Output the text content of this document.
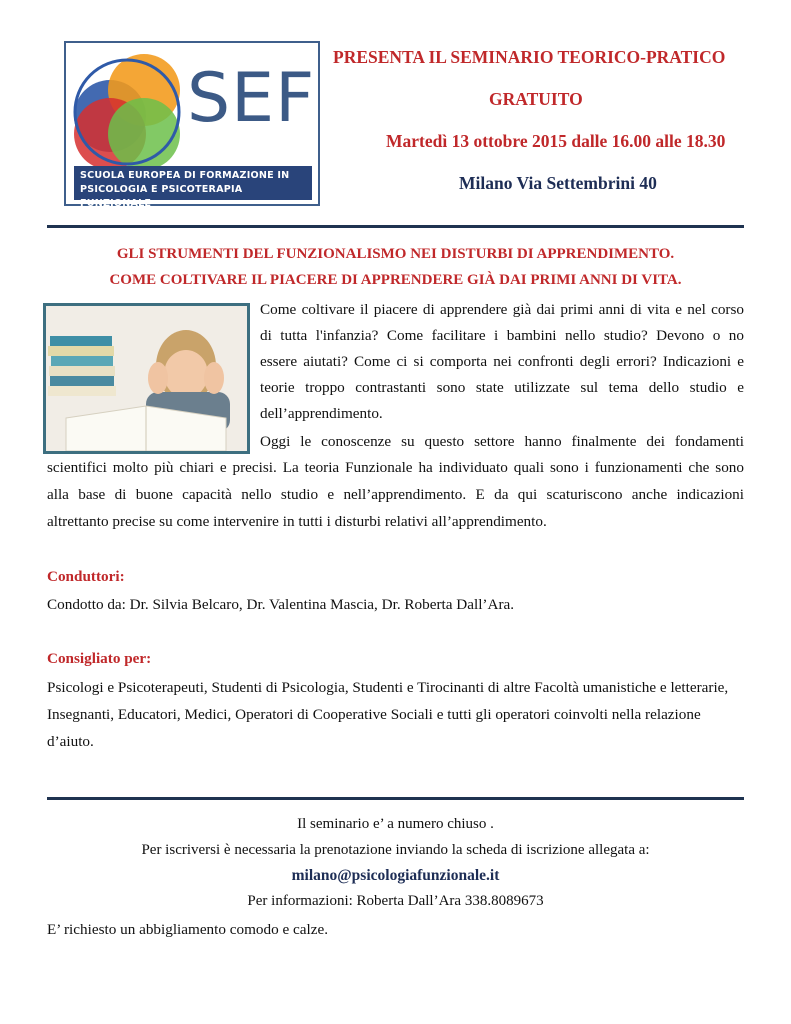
SEF
SCUOLA EUROPEA DI FORMAZIONE IN
PSICOLOGIA E PSICOTERAPIA FUNZIONALE
PRESENTA IL SEMINARIO TEORICO-PRATICO
GRATUITO
Martedì 13 ottobre 2015 dalle 16.00 alle 18.30
Milano Via Settembrini 40
GLI STRUMENTI DEL FUNZIONALISMO NEI DISTURBI DI APPRENDIMENTO.
COME COLTIVARE IL PIACERE DI APPRENDERE GIÀ DAI PRIMI ANNI DI VITA.
Come coltivare il piacere di apprendere già dai primi anni di vita e nel corso
di tutta l'infanzia? Come facilitare i bambini nello studio? Devono o no
essere aiutati? Come ci si comporta nei confronti degli errori? Indicazioni e
teorie troppo contrastanti sono state utilizzate sul tema dello studio e
dell’apprendimento.
Oggi le conoscenze su questo settore hanno finalmente dei fondamenti
scientifici molto più chiari e precisi. La teoria Funzionale ha individuato quali sono i funzionamenti che sono
alla base di buone capacità nello studio e nell’apprendimento. E da qui scaturiscono anche indicazioni
altrettanto precise su come intervenire in tutti i disturbi relativi all’apprendimento.
Conduttori:
Condotto da: Dr. Silvia Belcaro, Dr. Valentina Mascia, Dr. Roberta Dall’Ara.
Consigliato per:
Psicologi e Psicoterapeuti, Studenti di Psicologia, Studenti e Tirocinanti di altre Facoltà umanistiche e letterarie,
Insegnanti, Educatori, Medici, Operatori di Cooperative Sociali e tutti gli operatori coinvolti nella relazione
d’aiuto.
Il seminario e’ a numero chiuso .
Per iscriversi è necessaria la prenotazione inviando la scheda di iscrizione allegata a:
milano@psicologiafunzionale.it
Per informazioni: Roberta Dall’Ara 338.8089673
E’ richiesto un abbigliamento comodo e calze.
